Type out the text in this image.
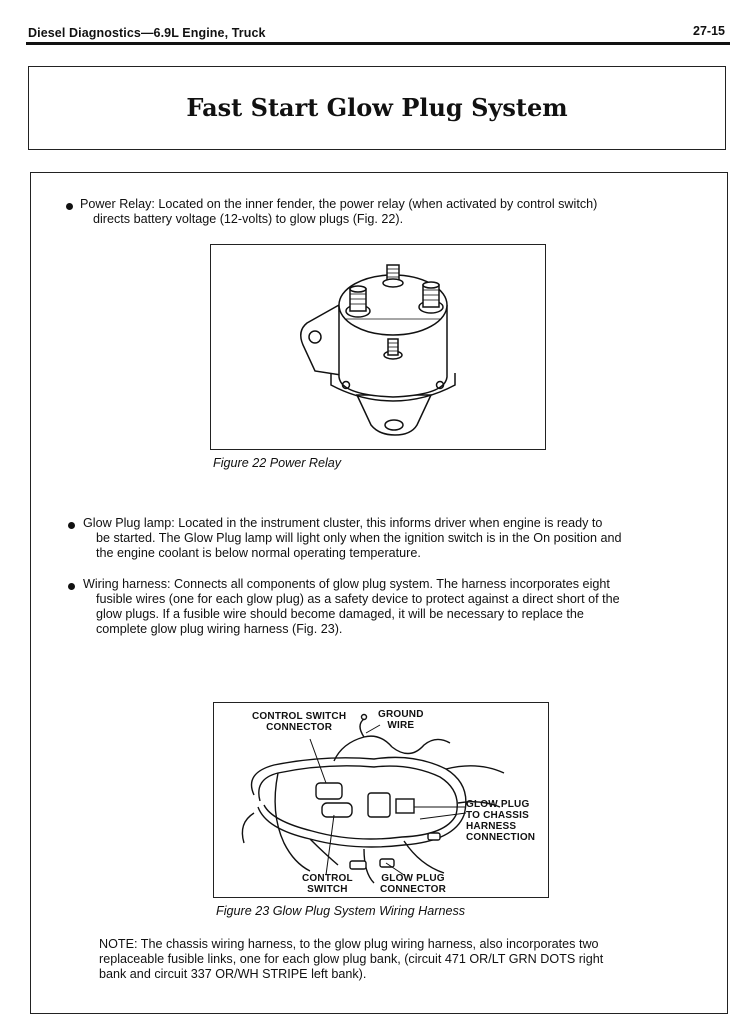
Diesel Diagnostics—6.9L Engine, Truck	27-15
Fast Start Glow Plug System
Power Relay: Located on the inner fender, the power relay (when activated by control switch)
directs battery voltage (12-volts) to glow plugs (Fig. 22).
Figure 22 Power Relay
Glow Plug lamp: Located in the instrument cluster, this informs driver when engine is ready to
be started. The Glow Plug lamp will light only when the ignition switch is in the On position and
the engine coolant is below normal operating temperature.
Wiring harness: Connects all components of glow plug system. The harness incorporates eight
fusible wires (one for each glow plug) as a safety device to protect against a direct short of the
glow plugs. If a fusible wire should become damaged, it will be necessary to replace the
complete glow plug wiring harness (Fig. 23).
CONTROL SWITCH
CONNECTOR
GROUND
WIRE
GLOW PLUG
TO CHASSIS
HARNESS
CONNECTION
CONTROL
SWITCH
GLOW PLUG
CONNECTOR
Figure 23 Glow Plug System Wiring Harness
NOTE: The chassis wiring harness, to the glow plug wiring harness, also incorporates two
replaceable fusible links, one for each glow plug bank, (circuit 471 OR/LT GRN DOTS right
bank and circuit 337 OR/WH STRIPE left bank).
